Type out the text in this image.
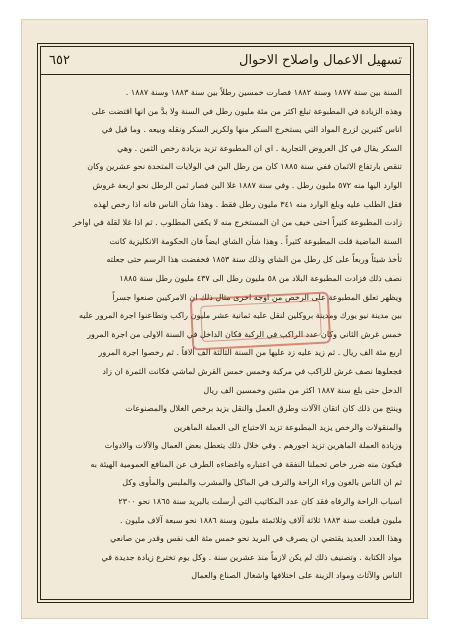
٦٥٢	تسهيل الاعمال واصلاح الاحوال

السنة بين سنة ١٨٧٧ وسنة ١٨٨٢ فصارت خمسين رطلاً بين سنة ١٨٨٣ وسنة ١٨٨٧ .

وهذه الزيادة في المطبوعة تبلغ اكثر من مئة مليون رطل في السنة ولا بدَّ من انها اقتضت على

اناس كثيرين لزرع المواد التي يستخرج السكر منها ولكرير السكر ونقله وبيعه . وما قيل في

السكر يقال في كل العروض التجارية . اي ان المطبوعة تزيد بزيادة رخص الثمن . وهي

تنقص بارتفاع الاثمان ففي سنة ١٨٨٥ كان من رطل البن في الولايات المتحدة نحو عشرين وكان

الوارد اليها منه ٥٧٢ مليون رطل . وفي سنة ١٨٨٧ غلا البن فصار ثمن الرطل نحو اربعة غروش

فقل الطلب عليه وبلغ الوارد منه ٣٤١ مليون رطل فقط . وهذا شأن الناس فانه اذا رخص لهذه

زادت المطبوعة كثيراً احتى خيف من ان المستخرج منه لا يكفي المطلوب . ثم اذا غلا لقلة في اواخر

السنة الماضية قلت المطبوعة كثيراً . وهذا شأن الشاي ايضاً فان الحكومة الانكليزية كانت

تأخذ شيئاً وربعاً على كل رطل من الشاي وذلك سنة ١٨٥٣ فخفضت هذا الرسم حتى جعلته

نصف ذلك فزادت المطبوعة البلاد من ٥٨ مليون رطل الى ٤٣٧ مليون رطل سنة ١٨٨٥

ويظهر تعلق المطبوعة على الرخص من اوجه اخرى مثال ذلك ان الامركيين صنعوا جسراً

بين مدينة نيو يورك ومدينة بروكلين لنقل عليه ثمانية عشر مليون راكب وتطاعنوا اجرة المرور عليه

خمس غرش الثاني وكان عدد الراكب في الركبة فكان الداخل في السنة الاولى من اجرة المرور

اربع مئة الف ريال . ثم زيد عليه زد عليها من السنة الثالثة الف ألافاً . ثم رخصوا اجرة المرور

فجعلوها نصف غرش للراكب في مركبة وخمس خمس القرش لماشي فكانت الثمرة ان زاد

الدخل حتى بلغ سنة ١٨٨٧ اكثر من مئتين وخمسين الف ريال

وينتج من ذلك كان اتقان الآلات وطرق العمل والنقل يزيد برخص الغلال والمصنوعات

والمنقولات والرخص يزيد المطبوعة تزيد الاحتياج الى العملة الماهرين

وزيادة العملة الماهرين تزيد اجورهم . وفي خلال ذلك يتعطل بعض العمال والآلات والادوات

فيكون منه ضرر خاص تحملنا النفقة في اعتباره واغضاءه الطرف عن المنافع العمومية الهيئة به

ثم ان الناس بالغون وراء الراحة والترف في الماكل والمشرب والملبس والمأوى وكل

اسباب الراحة والرفاه فقد كان عدد المكاتيب التي أرسلت بالبريد سنة ١٨٦٥ نحو ٢٣٠٠

مليون فبلغت سنة ١٨٨٣ ثلاثة آلاف وثلاثمئة مليون وسنة ١٨٨٦ نحو سبعة آلاف مليون .

وهذا العدد العديد يقتضي ان يصرف في البريد نحو خمس مئة الف نفس وقدر من صانعي

مواد الكتابة . وتصنيف ذلك لم يكن لازماً منذ عشرين سنة . وكل يوم تخترع زيادة جديدة في

الناس والآثاث ومواد الزينة على اختلافها واشغال الصناع والعمال
